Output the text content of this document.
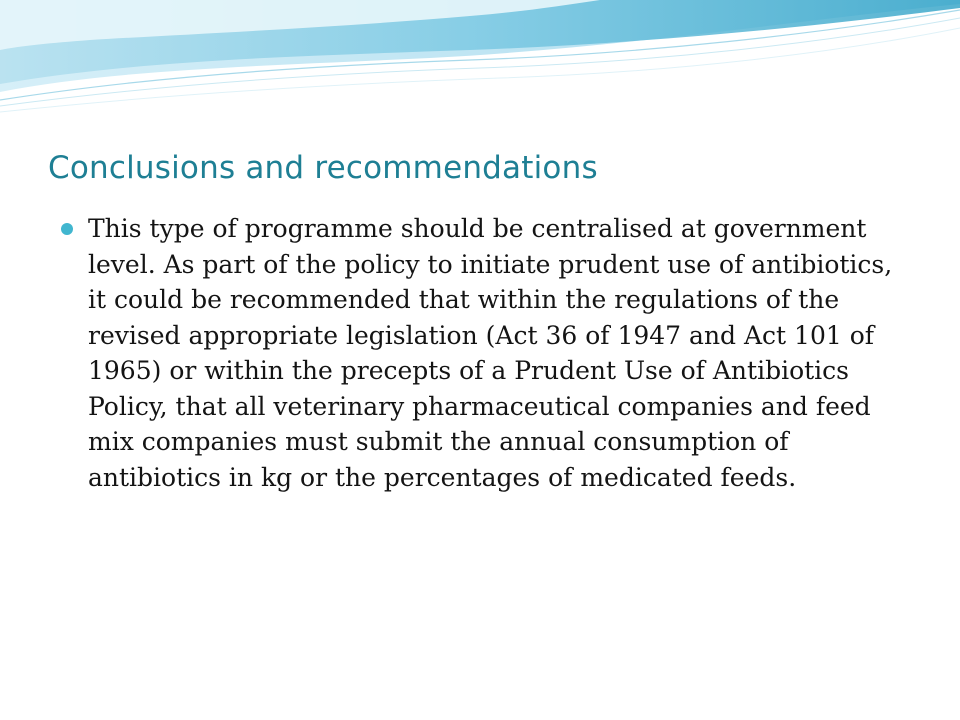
Conclusions and recommendations
This type of programme should be centralised at government level. As part of the policy to initiate prudent use of antibiotics, it could be recommended that within the regulations of the revised appropriate legislation (Act 36 of 1947 and Act 101 of 1965) or within the precepts of a Prudent Use of Antibiotics Policy, that all veterinary pharmaceutical companies and feed mix companies must submit the annual consumption of antibiotics in kg or the percentages of medicated feeds.
